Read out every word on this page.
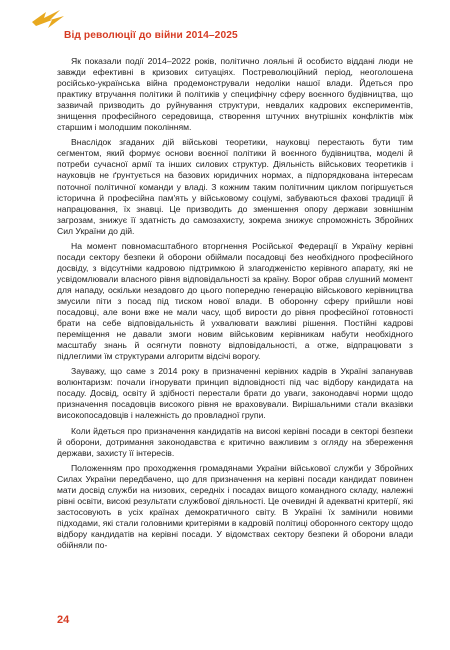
Від революції до війни 2014–2025

Як показали події 2014–2022 років, політично лояльні й особисто віддані люди не завжди ефективні в кризових ситуаціях. Постреволюційний період, неоголошена російсько-українська війна продемонстрували недоліки нашої влади. Йдеться про практику втручання політики й політиків у специфічну сферу воєнного будівництва, що зазвичай призводить до руйнування структури, невдалих кадрових експериментів, знищення професійного середовища, створення штучних внутрішніх конфліктів між старшим і молодшим поколінням.

Внаслідок згаданих дій військові теоретики, науковці перестають бути тим сегментом, який формує основи воєнної політики й воєнного будівництва, моделі й потреби сучасної армії та інших силових структур. Діяльність військових теоретиків і науковців не ґрунтується на базових юридичних нормах, а підпорядкована інтересам поточної політичної команди у владі. З кожним таким політичним циклом погіршується історична й професійна пам'ять у військовому соціумі, забуваються фахові традиції й напрацювання, їх знавці. Це призводить до зменшення опору держави зовнішнім загрозам, знижує її здатність до самозахисту, зокрема знижує спроможність Збройних Сил України до дій.

На момент повномасштабного вторгнення Російської Федерації в Україну керівні посади сектору безпеки й оборони обіймали посадовці без необхідного професійного досвіду, з відсутніми кадровою підтримкою й злагодженістю керівного апарату, які не усвідомлювали власного рівня відповідальності за країну. Ворог обрав слушний момент для нападу, оскільки незадовго до цього попередню генерацію військового керівництва змусили піти з посад під тиском нової влади. В оборонну сферу прийшли нові посадовці, але вони вже не мали часу, щоб вирости до рівня професійної готовності брати на себе відповідальність й ухвалювати важливі рішення. Постійні кадрові переміщення не давали змоги новим військовим керівникам набути необхідного масштабу знань й осягнути повноту відповідальності, а отже, відпрацювати з підлеглими їм структурами алгоритм відсічі ворогу.

Зауважу, що саме з 2014 року в призначенні керівних кадрів в Україні запанував волюнтаризм: почали ігнорувати принцип відповідності під час відбору кандидата на посаду. Досвід, освіту й здібності перестали брати до уваги, законодавчі норми щодо призначення посадовців високого рівня не враховували. Вирішальними стали вказівки високопосадовців і належність до провладної групи.

Коли йдеться про призначення кандидатів на високі керівні посади в секторі безпеки й оборони, дотримання законодавства є критично важливим з огляду на збереження держави, захисту її інтересів.

Положенням про проходження громадянами України військової служби у Збройних Силах України передбачено, що для призначення на керівні посади кандидат повинен мати досвід служби на низових, середніх і посадах вищого командного складу, належні рівні освіти, високі результати службової діяльності. Це очевидні й адекватні критерії, які застосовують в усіх країнах демократичного світу. В Україні їх замінили новими підходами, які стали головними критеріями в кадровій політиці оборонного сектору щодо відбору кандидатів на керівні посади. У відомствах сектору безпеки й оборони влади обійняли по-

24
